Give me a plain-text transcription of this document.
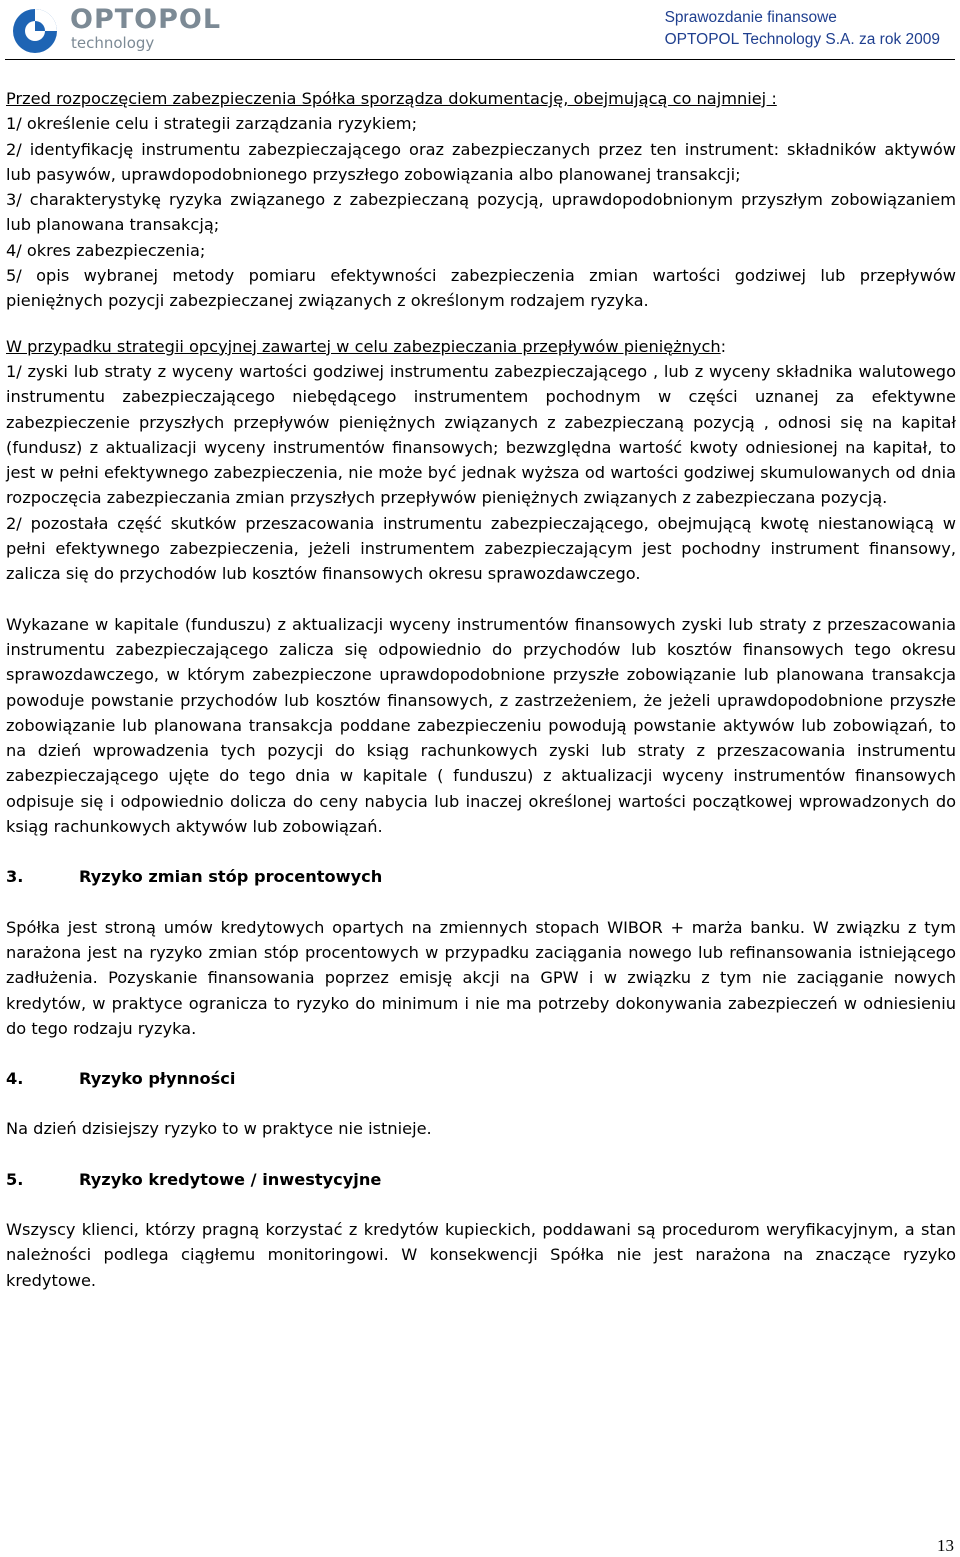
OPTOPOL
technology
Sprawozdanie finansowe
OPTOPOL Technology S.A. za rok 2009

Przed rozpoczęciem zabezpieczenia Spółka sporządza dokumentację, obejmującą co najmniej :

1/ określenie celu i strategii zarządzania ryzykiem;

2/ identyfikację instrumentu zabezpieczającego oraz zabezpieczanych przez ten instrument: składników aktywów lub pasywów, uprawdopodobnionego przyszłego zobowiązania albo planowanej transakcji;

3/ charakterystykę ryzyka związanego z zabezpieczaną pozycją, uprawdopodobnionym przyszłym zobowiązaniem lub planowana transakcją;

4/ okres zabezpieczenia;

5/ opis wybranej metody pomiaru efektywności zabezpieczenia zmian wartości godziwej lub przepływów pieniężnych pozycji zabezpieczanej związanych z określonym rodzajem ryzyka.

W przypadku strategii opcyjnej zawartej w celu zabezpieczania przepływów pieniężnych:

1/ zyski lub straty z wyceny wartości godziwej instrumentu zabezpieczającego , lub z wyceny składnika walutowego instrumentu zabezpieczającego niebędącego instrumentem pochodnym w części uznanej za efektywne zabezpieczenie przyszłych przepływów pieniężnych związanych z zabezpieczaną pozycją , odnosi się na kapitał (fundusz) z aktualizacji wyceny instrumentów finansowych; bezwzględna wartość kwoty odniesionej na kapitał, to jest w pełni efektywnego zabezpieczenia, nie może być jednak wyższa od wartości godziwej skumulowanych od dnia rozpoczęcia zabezpieczania zmian przyszłych przepływów pieniężnych związanych z zabezpieczana pozycją.

2/ pozostała część skutków przeszacowania instrumentu zabezpieczającego, obejmującą kwotę niestanowiącą w pełni efektywnego zabezpieczenia, jeżeli instrumentem zabezpieczającym jest pochodny instrument finansowy, zalicza się do przychodów lub kosztów finansowych okresu sprawozdawczego.

Wykazane w kapitale (funduszu) z aktualizacji wyceny instrumentów finansowych zyski lub straty z przeszacowania instrumentu zabezpieczającego zalicza się odpowiednio do przychodów lub kosztów finansowych tego okresu sprawozdawczego, w którym zabezpieczone uprawdopodobnione przyszłe zobowiązanie lub planowana transakcja powoduje powstanie przychodów lub kosztów finansowych, z zastrzeżeniem, że jeżeli uprawdopodobnione przyszłe zobowiązanie lub planowana transakcja poddane zabezpieczeniu powodują powstanie aktywów lub zobowiązań, to na dzień wprowadzenia tych pozycji do ksiąg rachunkowych zyski lub straty z przeszacowania instrumentu zabezpieczającego ujęte do tego dnia w kapitale ( funduszu) z aktualizacji wyceny instrumentów finansowych odpisuje się i odpowiednio dolicza do ceny nabycia lub inaczej określonej wartości początkowej wprowadzonych do ksiąg rachunkowych aktywów lub zobowiązań.

3.	Ryzyko zmian stóp procentowych

Spółka jest stroną umów kredytowych opartych na zmiennych stopach WIBOR + marża banku. W związku z tym narażona jest na ryzyko zmian stóp procentowych w przypadku zaciągania nowego lub refinansowania istniejącego zadłużenia. Pozyskanie finansowania poprzez emisję akcji na GPW i w związku z tym nie zaciąganie nowych kredytów, w praktyce ogranicza to ryzyko do minimum i nie ma potrzeby dokonywania zabezpieczeń w odniesieniu do tego rodzaju ryzyka.

4.	Ryzyko płynności

Na dzień dzisiejszy ryzyko to w praktyce nie istnieje.

5.	Ryzyko kredytowe / inwestycyjne

Wszyscy klienci, którzy pragną korzystać z kredytów kupieckich, poddawani są procedurom weryfikacyjnym, a stan należności podlega ciągłemu monitoringowi. W konsekwencji Spółka nie jest narażona na znaczące ryzyko kredytowe.

13
